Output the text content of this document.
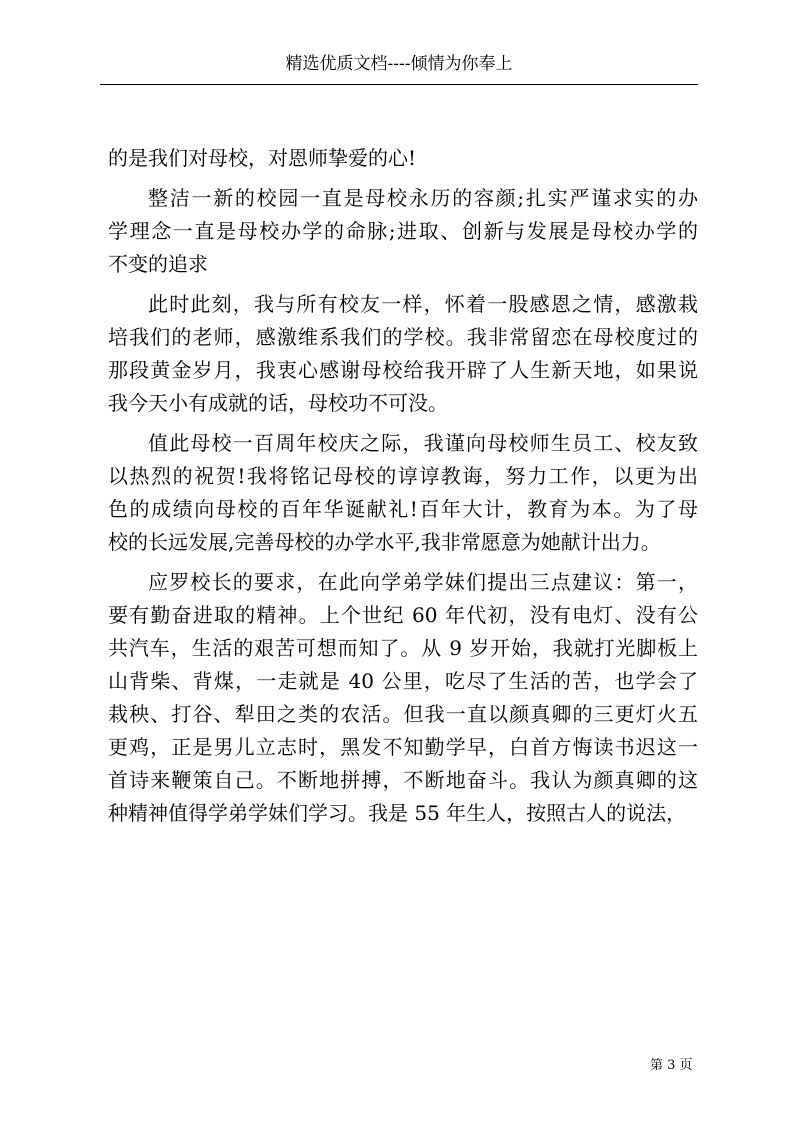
精选优质文档----倾情为你奉上
的是我们对母校，对恩师挚爱的心!
整洁一新的校园一直是母校永历的容颜;扎实严谨求实的办
学理念一直是母校办学的命脉;进取、创新与发展是母校办学的
不变的追求
此时此刻，我与所有校友一样，怀着一股感恩之情，感激栽
培我们的老师，感激维系我们的学校。我非常留恋在母校度过的
那段黄金岁月，我衷心感谢母校给我开辟了人生新天地，如果说
我今天小有成就的话，母校功不可没。
值此母校一百周年校庆之际，我谨向母校师生员工、校友致
以热烈的祝贺!我将铭记母校的谆谆教诲，努力工作，以更为出
色的成绩向母校的百年华诞献礼!百年大计，教育为本。为了母
校的长远发展,完善母校的办学水平,我非常愿意为她献计出力。
应罗校长的要求，在此向学弟学妹们提出三点建议：第一，
要有勤奋进取的精神。上个世纪 60 年代初，没有电灯、没有公
共汽车，生活的艰苦可想而知了。从 9 岁开始，我就打光脚板上
山背柴、背煤，一走就是 40 公里，吃尽了生活的苦，也学会了
栽秧、打谷、犁田之类的农活。但我一直以颜真卿的三更灯火五
更鸡，正是男儿立志时，黑发不知勤学早，白首方悔读书迟这一
首诗来鞭策自己。不断地拼搏，不断地奋斗。我认为颜真卿的这
种精神值得学弟学妹们学习。我是 55 年生人，按照古人的说法，
第 3 页
